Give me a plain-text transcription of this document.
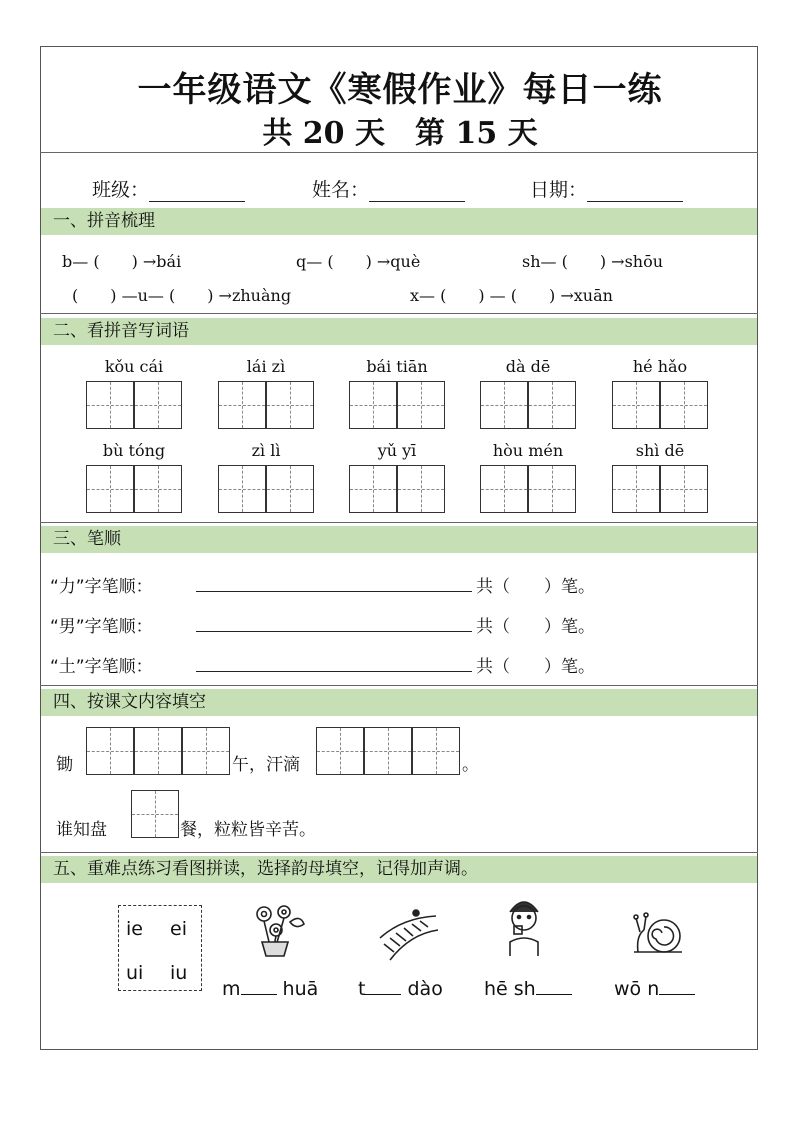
一年级语文《寒假作业》每日一练
共 20 天　第 15 天
班级：	姓名：	日期：
一、拼音梳理
b— (　　) →bái	q— (　　) →què	sh— (　　) →shōu
(　　) —u— (　　) →zhuàng	x— (　　) — (　　) →xuān
二、看拼音写词语
kǒu cái	lái zì	bái tiān	dà dē	hé hǎo
bù tóng	zì lì	yǔ yī	hòu mén	shì dē
三、笔顺
“力”字笔顺：	共（　　）笔。
“男”字笔顺：	共（　　）笔。
“土”字笔顺：	共（　　）笔。
四、按课文内容填空
锄	午，汗滴	。
谁知盘	餐，粒粒皆辛苦。
五、重难点练习看图拼读，选择韵母填空，记得加声调。
ie ei
ui iu
m huā t dào hē sh	wō n
